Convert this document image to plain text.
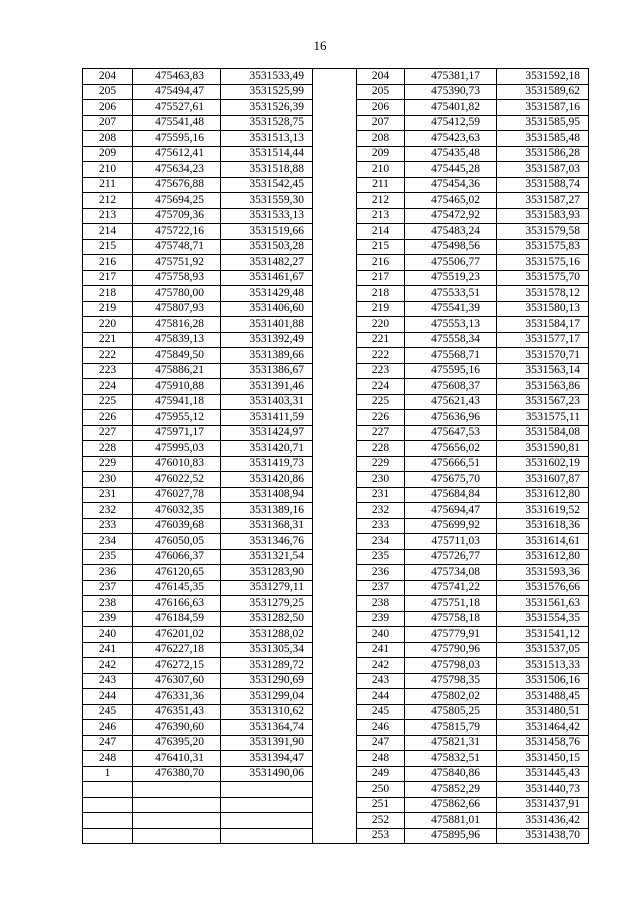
16
204	475463,83	3531533,49		204	475381,17	3531592,18
205	475494,47	3531525,99		205	475390,73	3531589,62
206	475527,61	3531526,39		206	475401,82	3531587,16
207	475541,48	3531528,75		207	475412,59	3531585,95
208	475595,16	3531513,13		208	475423,63	3531585,48
209	475612,41	3531514,44		209	475435,48	3531586,28
210	475634,23	3531518,88		210	475445,28	3531587,03
211	475676,88	3531542,45		211	475454,36	3531588,74
212	475694,25	3531559,30		212	475465,02	3531587,27
213	475709,36	3531533,13		213	475472,92	3531583,93
214	475722,16	3531519,66		214	475483,24	3531579,58
215	475748,71	3531503,28		215	475498,56	3531575,83
216	475751,92	3531482,27		216	475506,77	3531575,16
217	475758,93	3531461,67		217	475519,23	3531575,70
218	475780,00	3531429,48		218	475533,51	3531578,12
219	475807,93	3531406,60		219	475541,39	3531580,13
220	475816,28	3531401,88		220	475553,13	3531584,17
221	475839,13	3531392,49		221	475558,34	3531577,17
222	475849,50	3531389,66		222	475568,71	3531570,71
223	475886,21	3531386,67		223	475595,16	3531563,14
224	475910,88	3531391,46		224	475608,37	3531563,86
225	475941,18	3531403,31		225	475621,43	3531567,23
226	475955,12	3531411,59		226	475636,96	3531575,11
227	475971,17	3531424,97		227	475647,53	3531584,08
228	475995,03	3531420,71		228	475656,02	3531590,81
229	476010,83	3531419,73		229	475666,51	3531602,19
230	476022,52	3531420,86		230	475675,70	3531607,87
231	476027,78	3531408,94		231	475684,84	3531612,80
232	476032,35	3531389,16		232	475694,47	3531619,52
233	476039,68	3531368,31		233	475699,92	3531618,36
234	476050,05	3531346,76		234	475711,03	3531614,61
235	476066,37	3531321,54		235	475726,77	3531612,80
236	476120,65	3531283,90		236	475734,08	3531593,36
237	476145,35	3531279,11		237	475741,22	3531576,66
238	476166,63	3531279,25		238	475751,18	3531561,63
239	476184,59	3531282,50		239	475758,18	3531554,35
240	476201,02	3531288,02		240	475779,91	3531541,12
241	476227,18	3531305,34		241	475790,96	3531537,05
242	476272,15	3531289,72		242	475798,03	3531513,33
243	476307,60	3531290,69		243	475798,35	3531506,16
244	476331,36	3531299,04		244	475802,02	3531488,45
245	476351,43	3531310,62		245	475805,25	3531480,51
246	476390,60	3531364,74		246	475815,79	3531464,42
247	476395,20	3531391,90		247	475821,31	3531458,76
248	476410,31	3531394,47		248	475832,51	3531450,15
1	476380,70	3531490,06		249	475840,86	3531445,43
				250	475852,29	3531440,73
				251	475862,66	3531437,91
				252	475881,01	3531436,42
				253	475895,96	3531438,70
